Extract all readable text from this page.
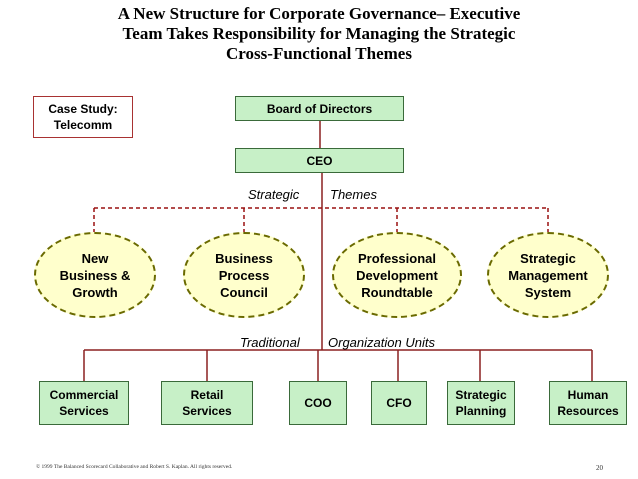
A New Structure for Corporate Governance– Executive
Team Takes Responsibility for Managing the Strategic
Cross-Functional Themes
Case Study:
Telecomm
Board of Directors
CEO
Strategic Themes
New
Business &
Growth
Business
Process
Council
Professional
Development
Roundtable
Strategic
Management
System
Traditional Organization Units
Commercial
Services
Retail
Services
COO	CFO
Strategic
Planning
Human
Resources
© 1999 The Balanced Scorecard Collaborative and Robert S. Kaplan. All rights reserved.	20
